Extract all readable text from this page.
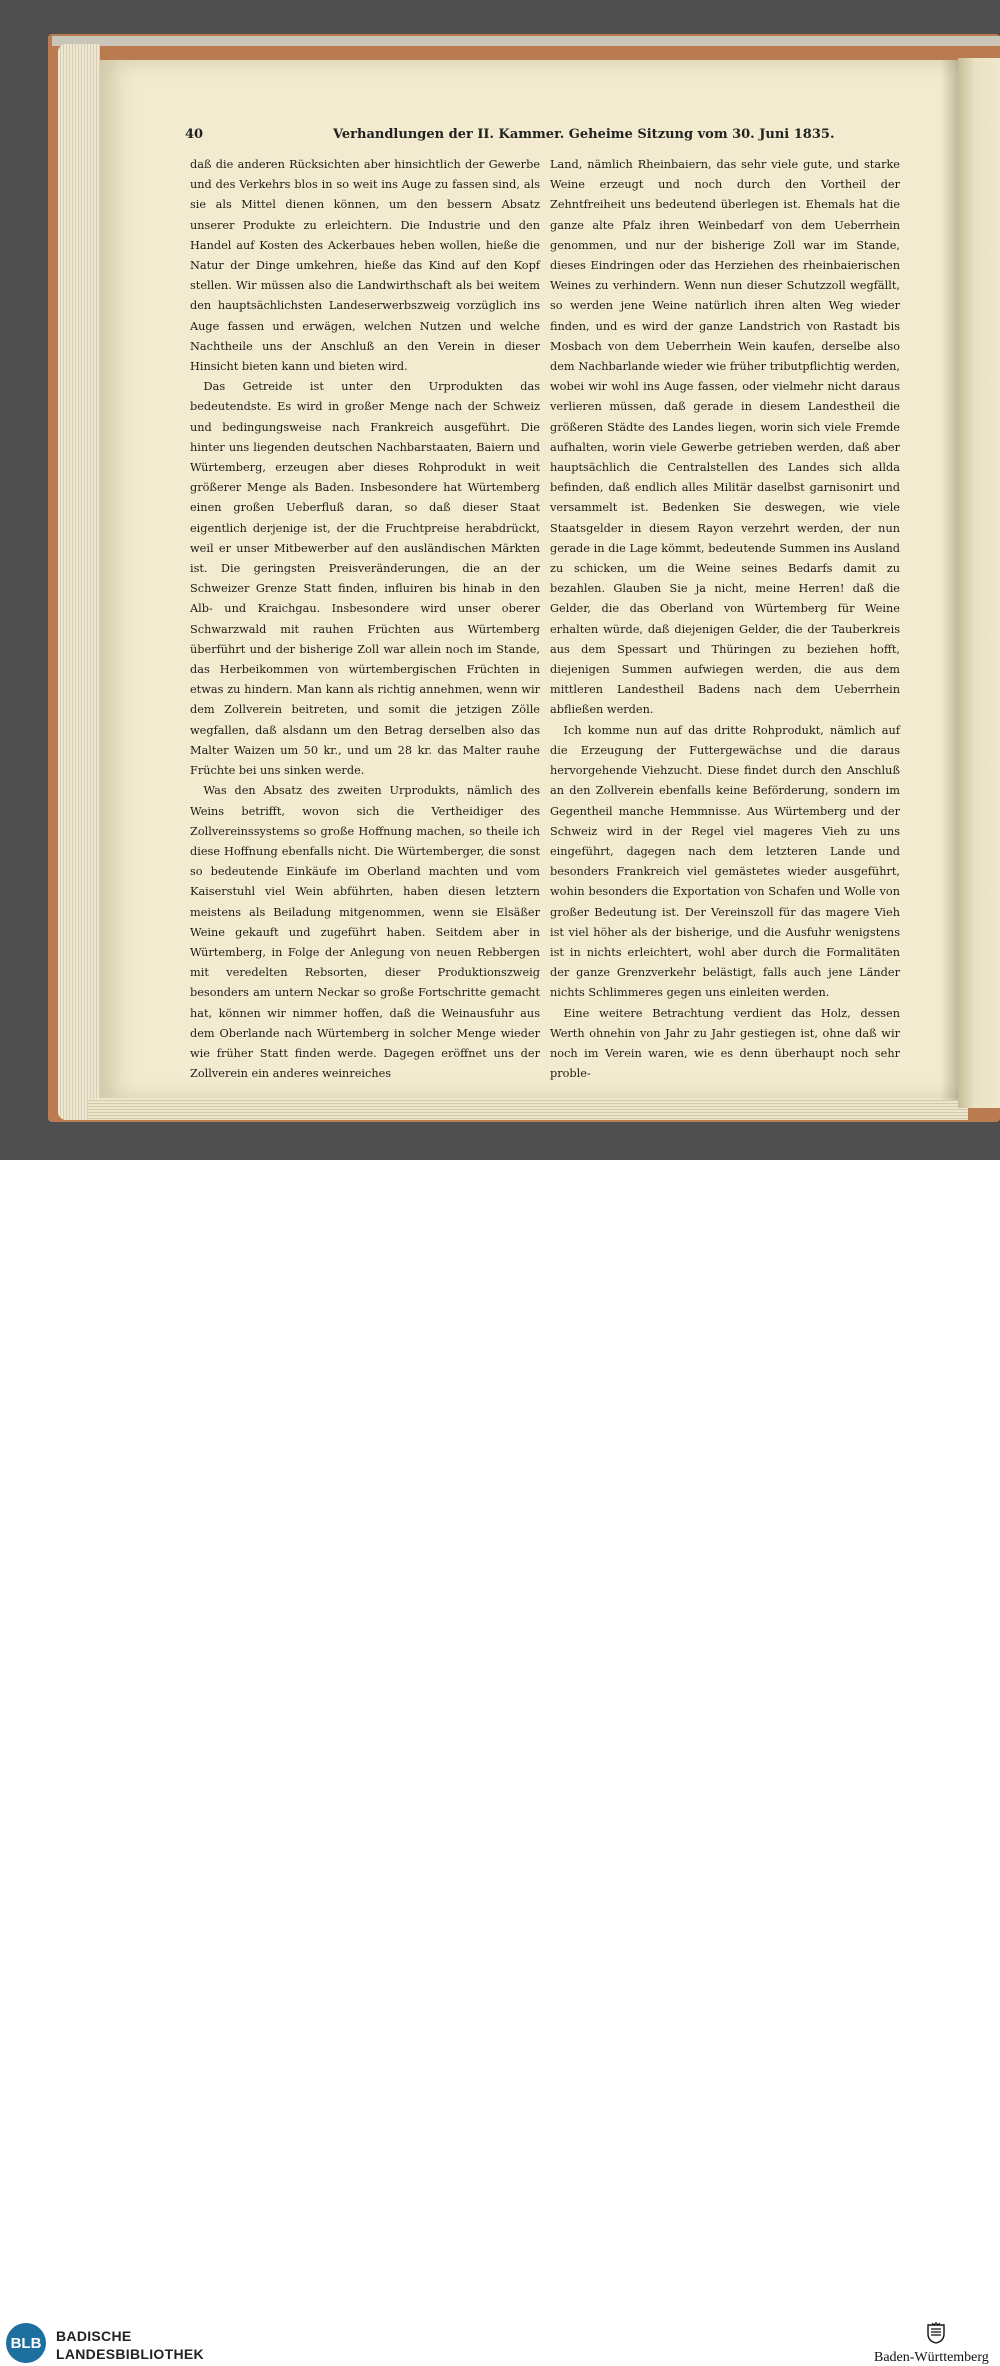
40	Verhandlungen der II. Kammer. Geheime Sitzung vom 30. Juni 1835.

daß die anderen Rücksichten aber hinsichtlich der Gewerbe und des Verkehrs blos in so weit ins Auge zu fassen sind, als sie als Mittel dienen können, um den bessern Absatz unserer Produkte zu erleichtern. Die Industrie und den Handel auf Kosten des Ackerbaues heben wollen, hieße die Natur der Dinge umkehren, hieße das Kind auf den Kopf stellen. Wir müssen also die Landwirthschaft als bei weitem den hauptsächlichsten Landeserwerbszweig vorzüglich ins Auge fassen und erwägen, welchen Nutzen und welche Nachtheile uns der Anschluß an den Verein in dieser Hinsicht bieten kann und bieten wird.

Das Getreide ist unter den Urprodukten das bedeutendste. Es wird in großer Menge nach der Schweiz und bedingungsweise nach Frankreich ausgeführt. Die hinter uns liegenden deutschen Nachbarstaaten, Baiern und Würtemberg, erzeugen aber dieses Rohprodukt in weit größerer Menge als Baden. Insbesondere hat Würtemberg einen großen Ueberfluß daran, so daß dieser Staat eigentlich derjenige ist, der die Fruchtpreise herabdrückt, weil er unser Mitbewerber auf den ausländischen Märkten ist. Die geringsten Preisveränderungen, die an der Schweizer Grenze Statt finden, influiren bis hinab in den Alb- und Kraichgau. Insbesondere wird unser oberer Schwarzwald mit rauhen Früchten aus Würtemberg überführt und der bisherige Zoll war allein noch im Stande, das Herbeikommen von würtembergischen Früchten in etwas zu hindern. Man kann als richtig annehmen, wenn wir dem Zollverein beitreten, und somit die jetzigen Zölle wegfallen, daß alsdann um den Betrag derselben also das Malter Waizen um 50 kr., und um 28 kr. das Malter rauhe Früchte bei uns sinken werde.

Was den Absatz des zweiten Urprodukts, nämlich des Weins betrifft, wovon sich die Vertheidiger des Zollvereinssystems so große Hoffnung machen, so theile ich diese Hoffnung ebenfalls nicht. Die Würtemberger, die sonst so bedeutende Einkäufe im Oberland machten und vom Kaiserstuhl viel Wein abführten, haben diesen letztern meistens als Beiladung mitgenommen, wenn sie Elsäßer Weine gekauft und zugeführt haben. Seitdem aber in Würtemberg, in Folge der Anlegung von neuen Rebbergen mit veredelten Rebsorten, dieser Produktionszweig besonders am untern Neckar so große Fortschritte gemacht hat, können wir nimmer hoffen, daß die Weinausfuhr aus dem Oberlande nach Würtemberg in solcher Menge wieder wie früher Statt finden werde. Dagegen eröffnet uns der Zollverein ein anderes weinreiches

Land, nämlich Rheinbaiern, das sehr viele gute, und starke Weine erzeugt und noch durch den Vortheil der Zehntfreiheit uns bedeutend überlegen ist. Ehemals hat die ganze alte Pfalz ihren Weinbedarf von dem Ueberrhein genommen, und nur der bisherige Zoll war im Stande, dieses Eindringen oder das Herziehen des rheinbaierischen Weines zu verhindern. Wenn nun dieser Schutzzoll wegfällt, so werden jene Weine natürlich ihren alten Weg wieder finden, und es wird der ganze Landstrich von Rastadt bis Mosbach von dem Ueberrhein Wein kaufen, derselbe also dem Nachbarlande wieder wie früher tributpflichtig werden, wobei wir wohl ins Auge fassen, oder vielmehr nicht daraus verlieren müssen, daß gerade in diesem Landestheil die größeren Städte des Landes liegen, worin sich viele Fremde aufhalten, worin viele Gewerbe getrieben werden, daß aber hauptsächlich die Centralstellen des Landes sich allda befinden, daß endlich alles Militär daselbst garnisonirt und versammelt ist. Bedenken Sie deswegen, wie viele Staatsgelder in diesem Rayon verzehrt werden, der nun gerade in die Lage kömmt, bedeutende Summen ins Ausland zu schicken, um die Weine seines Bedarfs damit zu bezahlen. Glauben Sie ja nicht, meine Herren! daß die Gelder, die das Oberland von Würtemberg für Weine erhalten würde, daß diejenigen Gelder, die der Tauberkreis aus dem Spessart und Thüringen zu beziehen hofft, diejenigen Summen aufwiegen werden, die aus dem mittleren Landestheil Badens nach dem Ueberrhein abfließen werden.

Ich komme nun auf das dritte Rohprodukt, nämlich auf die Erzeugung der Futtergewächse und die daraus hervorgehende Viehzucht. Diese findet durch den Anschluß an den Zollverein ebenfalls keine Beförderung, sondern im Gegentheil manche Hemmnisse. Aus Würtemberg und der Schweiz wird in der Regel viel mageres Vieh zu uns eingeführt, dagegen nach dem letzteren Lande und besonders Frankreich viel gemästetes wieder ausgeführt, wohin besonders die Exportation von Schafen und Wolle von großer Bedeutung ist. Der Vereinszoll für das magere Vieh ist viel höher als der bisherige, und die Ausfuhr wenigstens ist in nichts erleichtert, wohl aber durch die Formalitäten der ganze Grenzverkehr belästigt, falls auch jene Länder nichts Schlimmeres gegen uns einleiten werden.

Eine weitere Betrachtung verdient das Holz, dessen Werth ohnehin von Jahr zu Jahr gestiegen ist, ohne daß wir noch im Verein waren, wie es denn überhaupt noch sehr proble-

BLB	BADISCHE
LANDESBIBLIOTHEK	Baden-Württemberg
